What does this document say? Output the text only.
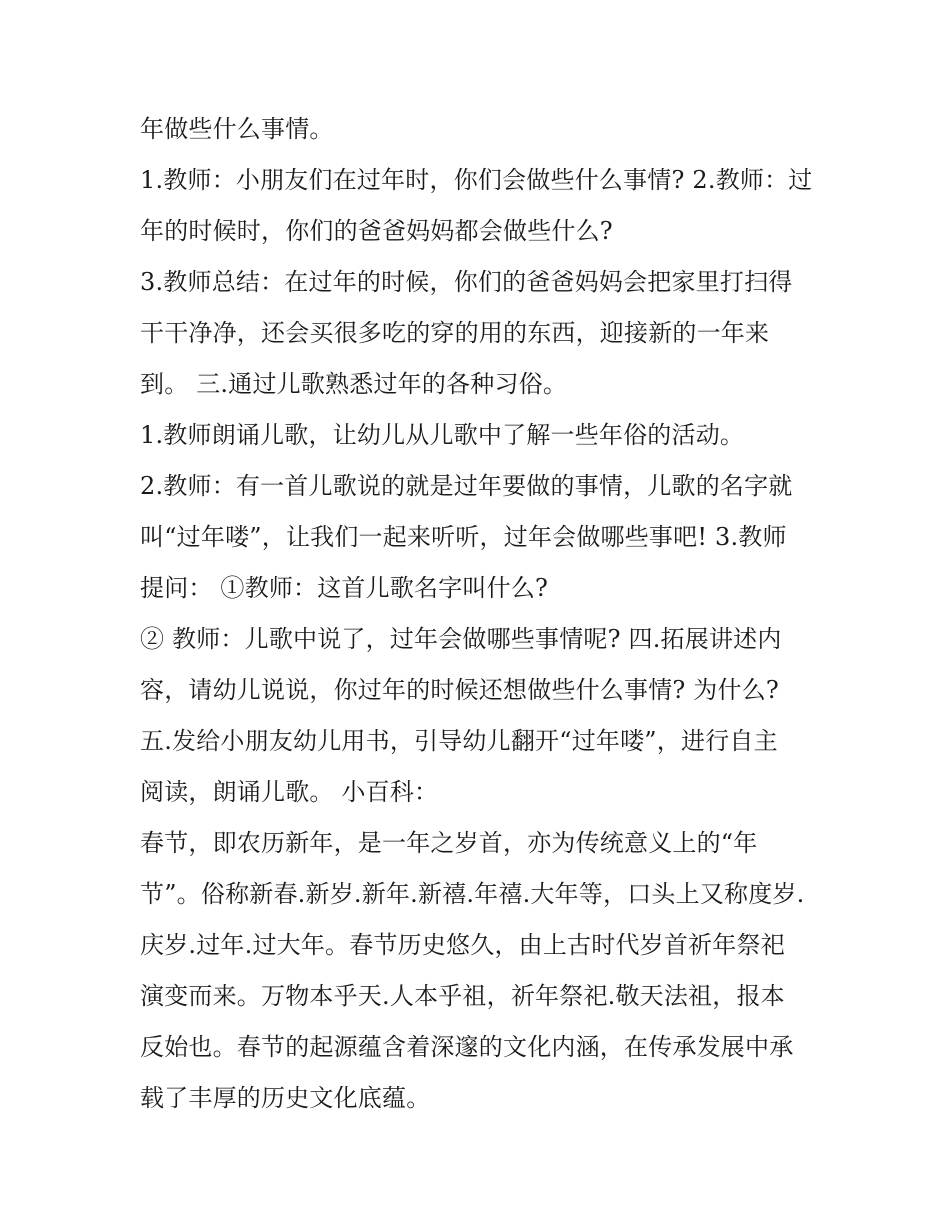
年做些什么事情。
1.教师：小朋友们在过年时，你们会做些什么事情? 2.教师：过
年的时候时，你们的爸爸妈妈都会做些什么?
3.教师总结：在过年的时候，你们的爸爸妈妈会把家里打扫得
干干净净，还会买很多吃的穿的用的东西，迎接新的一年来
到。 三.通过儿歌熟悉过年的各种习俗。
1.教师朗诵儿歌，让幼儿从儿歌中了解一些年俗的活动。
2.教师：有一首儿歌说的就是过年要做的事情，儿歌的名字就
叫“过年喽”，让我们一起来听听，过年会做哪些事吧! 3.教师
提问： ①教师：这首儿歌名字叫什么?
② 教师：儿歌中说了，过年会做哪些事情呢? 四.拓展讲述内
容，请幼儿说说，你过年的时候还想做些什么事情? 为什么?
五.发给小朋友幼儿用书，引导幼儿翻开“过年喽”，进行自主
阅读，朗诵儿歌。 小百科：
春节，即农历新年，是一年之岁首，亦为传统意义上的“年
节”。俗称新春.新岁.新年.新禧.年禧.大年等，口头上又称度岁.
庆岁.过年.过大年。春节历史悠久，由上古时代岁首祈年祭祀
演变而来。万物本乎天.人本乎祖，祈年祭祀.敬天法祖，报本
反始也。春节的起源蕴含着深邃的文化内涵，在传承发展中承
载了丰厚的历史文化底蕴。
